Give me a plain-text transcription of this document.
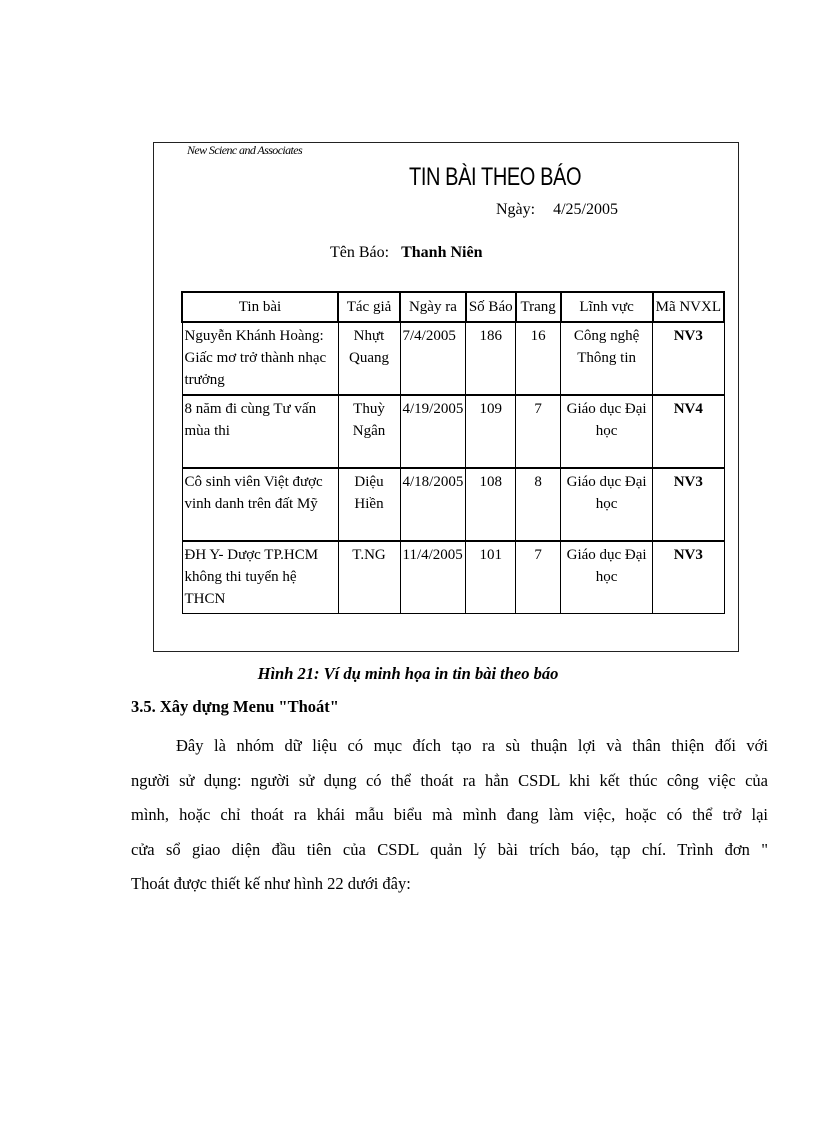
New Scienc and Associates
TIN BÀI THEO BÁO
Ngày: 4/25/2005
Tên Báo: Thanh Niên
Tin bài	Tác giả	Ngày ra	Số Báo	Trang	Lĩnh vực	Mã NVXL
Nguyễn Khánh Hoàng: Giấc mơ trở thành nhạc trưởng	Nhựt Quang	7/4/2005	186	16	Công nghệ Thông tin	NV3
8 năm đi cùng Tư vấn mùa thi	Thuỳ Ngân	4/19/2005	109	7	Giáo dục Đại học	NV4
Cô sinh viên Việt được vinh danh trên đất Mỹ	Diệu Hiền	4/18/2005	108	8	Giáo dục Đại học	NV3
ĐH Y- Dược TP.HCM không thi tuyển hệ THCN	T.NG	11/4/2005	101	7	Giáo dục Đại học	NV3
Hình 21: Ví dụ minh họa in tin bài theo báo
3.5. Xây dựng Menu "Thoát"
Đây là nhóm dữ liệu có mục đích tạo ra sù thuận lợi và thân thiện đối với
người sử dụng: người sử dụng có thể thoát ra hẳn CSDL khi kết thúc công việc của
mình, hoặc chỉ thoát ra khái mẫu biểu mà mình đang làm việc, hoặc có thể trở lại
cửa sổ giao diện đầu tiên của CSDL quản lý bài trích báo, tạp chí. Trình đơn "
Thoát được thiết kế như hình 22 dưới đây:
